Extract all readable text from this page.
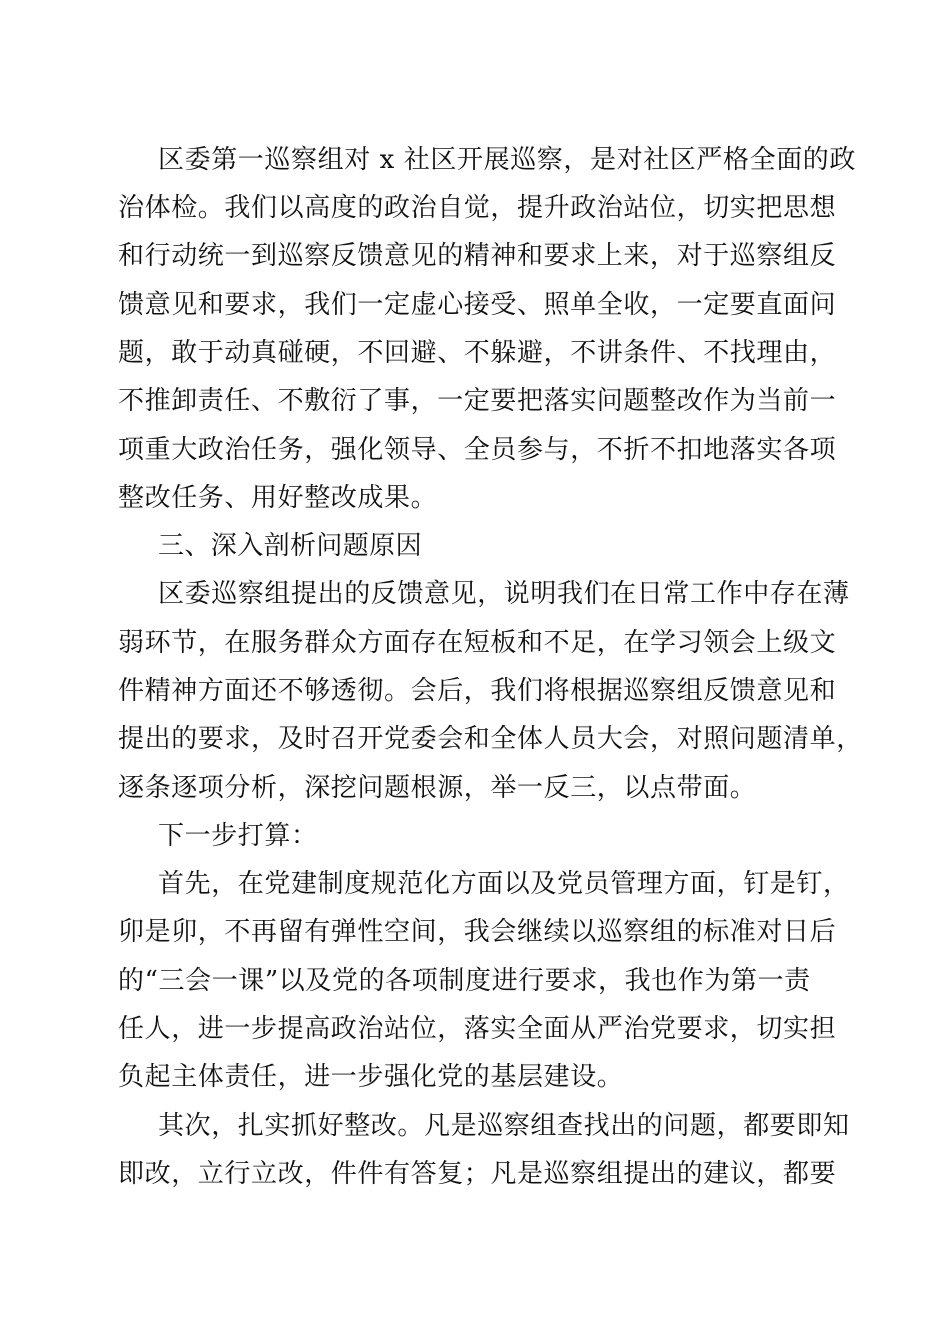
区委第一巡察组对 x 社区开展巡察，是对社区严格全面的政
治体检。我们以高度的政治自觉，提升政治站位，切实把思想
和行动统一到巡察反馈意见的精神和要求上来，对于巡察组反
馈意见和要求，我们一定虚心接受、照单全收，一定要直面问
题，敢于动真碰硬，不回避、不躲避，不讲条件、不找理由，
不推卸责任、不敷衍了事，一定要把落实问题整改作为当前一
项重大政治任务，强化领导、全员参与，不折不扣地落实各项
整改任务、用好整改成果。
三、深入剖析问题原因
区委巡察组提出的反馈意见，说明我们在日常工作中存在薄
弱环节，在服务群众方面存在短板和不足，在学习领会上级文
件精神方面还不够透彻。会后，我们将根据巡察组反馈意见和
提出的要求，及时召开党委会和全体人员大会，对照问题清单，
逐条逐项分析，深挖问题根源，举一反三，以点带面。
下一步打算：
首先，在党建制度规范化方面以及党员管理方面，钉是钉，
卯是卯，不再留有弹性空间，我会继续以巡察组的标准对日后
的“三会一课”以及党的各项制度进行要求，我也作为第一责
任人，进一步提高政治站位，落实全面从严治党要求，切实担
负起主体责任，进一步强化党的基层建设。
其次，扎实抓好整改。凡是巡察组查找出的问题，都要即知
即改，立行立改，件件有答复；凡是巡察组提出的建议，都要
